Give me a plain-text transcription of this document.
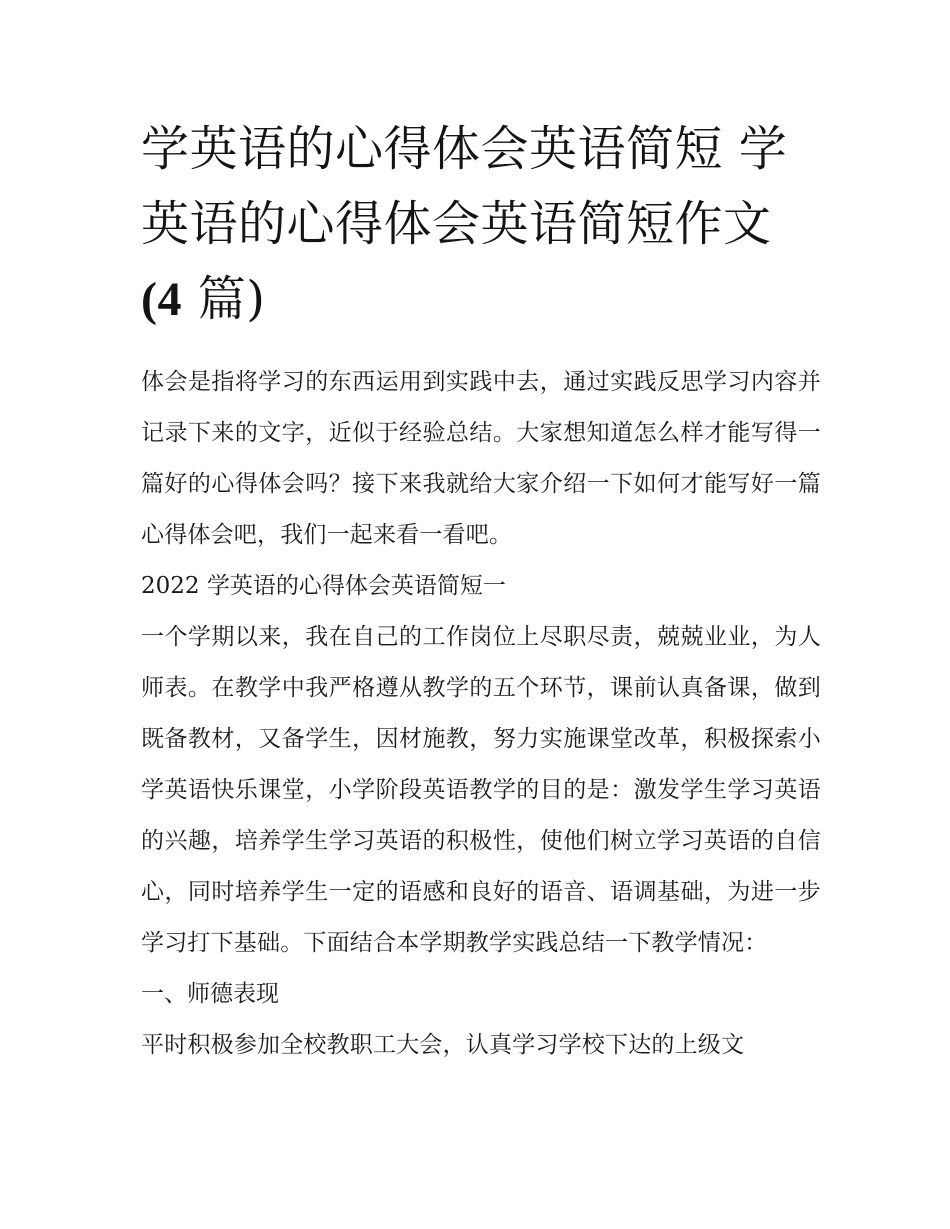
学英语的心得体会英语简短 学
英语的心得体会英语简短作文
(4 篇)

体会是指将学习的东西运用到实践中去，通过实践反思学习内容并记录下来的文字，近似于经验总结。大家想知道怎么样才能写得一篇好的心得体会吗？接下来我就给大家介绍一下如何才能写好一篇心得体会吧，我们一起来看一看吧。

2022 学英语的心得体会英语简短一

一个学期以来，我在自己的工作岗位上尽职尽责，兢兢业业，为人师表。在教学中我严格遵从教学的五个环节，课前认真备课，做到既备教材，又备学生，因材施教，努力实施课堂改革，积极探索小学英语快乐课堂，小学阶段英语教学的目的是：激发学生学习英语的兴趣，培养学生学习英语的积极性，使他们树立学习英语的自信心，同时培养学生一定的语感和良好的语音、语调基础，为进一步学习打下基础。下面结合本学期教学实践总结一下教学情况：

一、师德表现

平时积极参加全校教职工大会，认真学习学校下达的上级文
